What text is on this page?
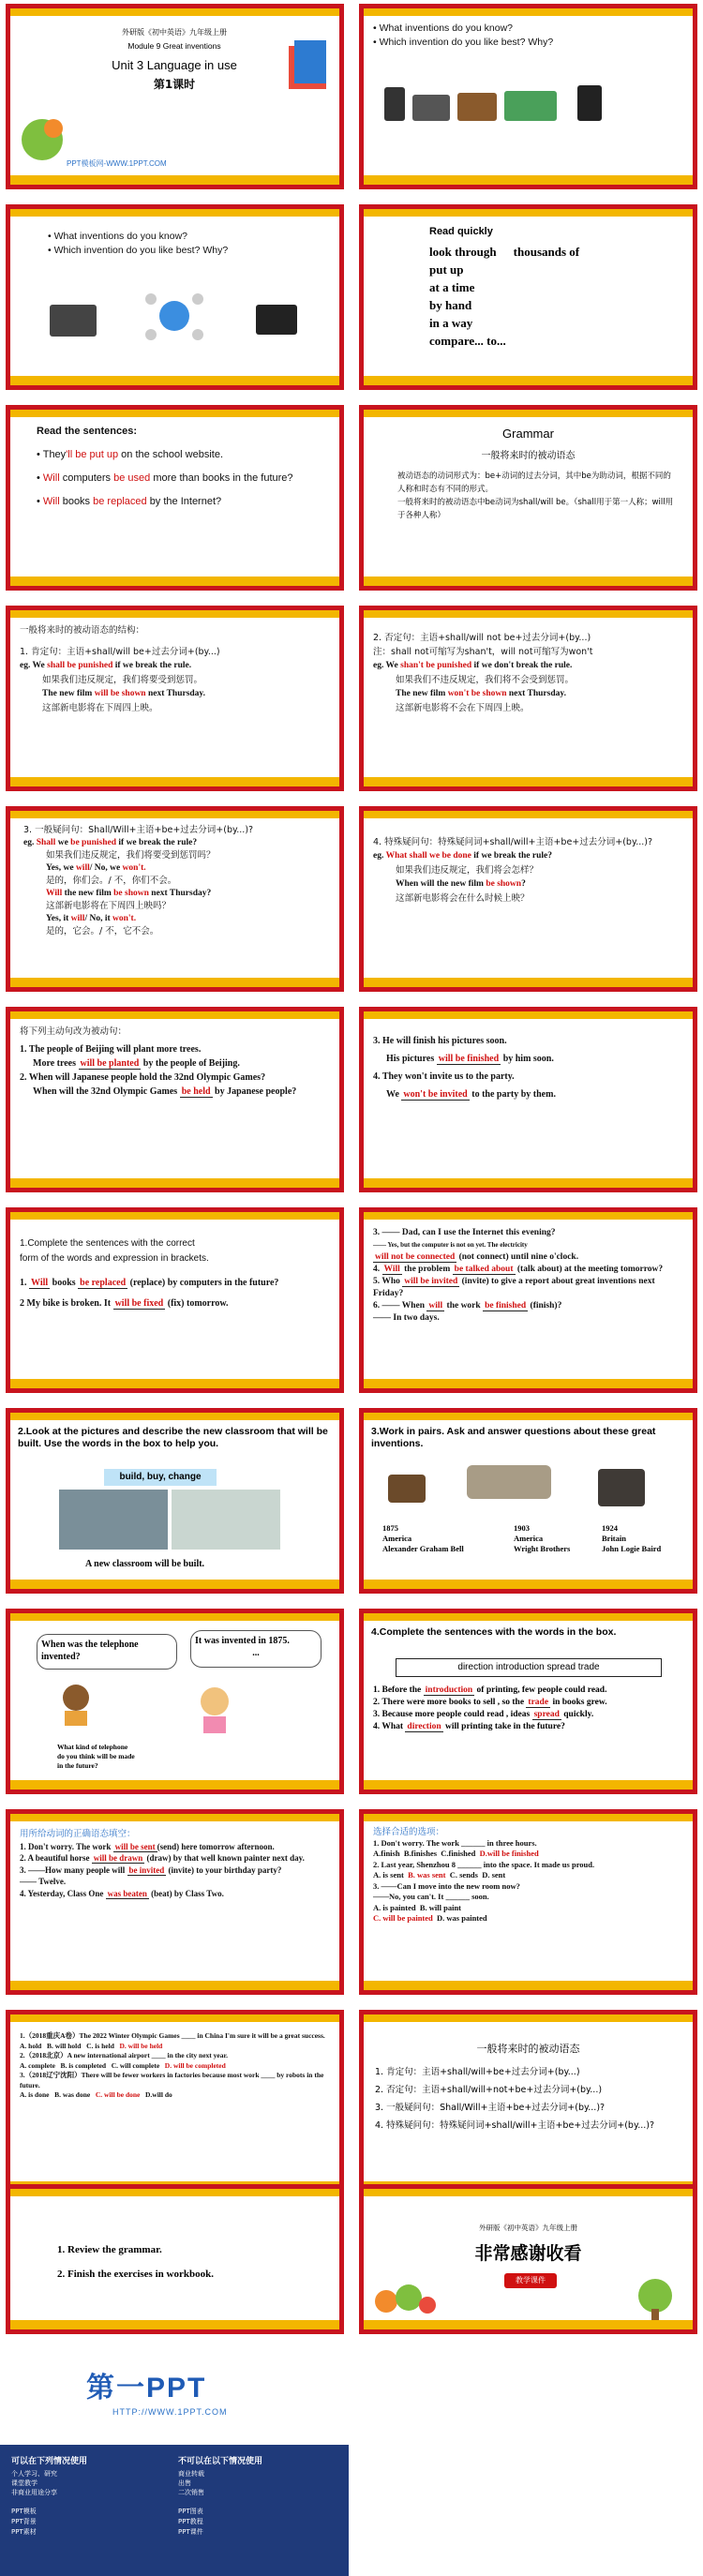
外研版《初中英语》九年级上册
Module 9 Great inventions
Unit 3 Language in use
第1课时
PPT模板网-WWW.1PPT.COM
• What inventions do you know?
• Which invention do you like best? Why?

• What inventions do you know?
• Which invention do you like best? Why?
Read quickly
look through thousands of
put up
at a time
by hand
in a way
compare... to...
Read the sentences:
• They'll be put up on the school website.
• Will computers be used more than books in the future?
• Will books be replaced by the Internet?
Grammar
一般将来时的被动语态
被动语态的动词形式为：be+动词的过去分词，其中be为助动词，根据不同的人称和时态有不同的形式。
一般将来时的被动语态中be动词为shall/will be。（shall用于第一人称；will用于各种人称）
一般将来时的被动语态的结构：
1. 肯定句：主语+shall/will be+过去分词+(by...)
eg. We shall be punished if we break the rule.
如果我们违反规定，我们将要受到惩罚。
The new film will be shown next Thursday.
这部新电影将在下周四上映。
2. 否定句：主语+shall/will not be+过去分词+(by...)
注：shall not可缩写为shan't，will not可缩写为won't
eg. We shan't be punished if we don't break the rule.
如果我们不违反规定，我们将不会受到惩罚。
The new film won't be shown next Thursday.
这部新电影将不会在下周四上映。
3. 一般疑问句：Shall/Will+主语+be+过去分词+(by...)?
eg. Shall we be punished if we break the rule?
如果我们违反规定，我们将要受到惩罚吗？
Yes, we will/ No, we won't.
是的，你们会。/ 不，你们不会。
Will the new film be shown next Thursday?
这部新电影将在下周四上映吗？
Yes, it will/ No, it won't.
是的，它会。/ 不，它不会。
4. 特殊疑问句：特殊疑问词+shall/will+主语+be+过去分词+(by...)?
eg. What shall we be done if we break the rule?
如果我们违反规定，我们将会怎样？
When will the new film be shown?
这部新电影将会在什么时候上映？
将下列主动句改为被动句：
1. The people of Beijing will plant more trees.
More trees will be planted by the people of Beijing.
2. When will Japanese people hold the 32nd Olympic Games?
When will the 32nd Olympic Games be held by Japanese people?
3. He will finish his pictures soon.
His pictures will be finished by him soon.
4. They won't invite us to the party.
We won't be invited to the party by them.
1.Complete the sentences with the correct
form of the words and expression in brackets.
1. Will books be replaced (replace) by computers in the future?
2 My bike is broken. It will be fixed (fix) tomorrow.
3. —— Dad, can I use the Internet this evening?
—— Yes, but the computer is not on yet. The electricity
will not be connected (not connect) until nine o'clock.
4. Will the problem be talked about (talk about) at the meeting tomorrow?
5. Who will be invited (invite) to give a report about great inventions next Friday?
6. —— When will the work be finished (finish)?
—— In two days.
2.Look at the pictures and describe the new classroom that will be built. Use the words in the box to help you.
build, buy, change
A new classroom will be built.
3.Work in pairs. Ask and answer questions about these great inventions.
1875
America
Alexander Graham Bell
1903
America
Wright Brothers
1924
Britain
John Logie Baird
When was the telephone invented?
It was invented in 1875.
...
What kind of telephone
do you think will be made
in the future?
4.Complete the sentences with the words in the box.
direction introduction spread trade
1. Before the introduction of printing, few people could read.
2. There were more books to sell , so the trade in books grew.
3. Because more people could read , ideas spread quickly.
4. What direction will printing take in the future?
用所给动词的正确语态填空：
1. Don't worry. The work will be sent (send) here tomorrow afternoon.
2. A beautiful horse will be drawn (draw) by that well known painter next day.
3. ——How many people will be invited (invite) to your birthday party?
—— Twelve.
4. Yesterday, Class One was beaten (beat) by Class Two.
选择合适的选项：
1. Don't worry. The work ______ in three hours.
A.finish B.finishes C.finished D.will be finished
2. Last year, Shenzhou 8 ______ into the space. It made us proud.
A. is sent B. was sent C. sends D. sent
3. ——Can I move into the new room now?
——No, you can't. It ______ soon.
A. is painted B. will paint
C. will be painted D. was painted
1.（2018重庆A卷）The 2022 Winter Olympic Games ____ in China I'm sure it will be a great success.
A. hold B. will hold C. is held D. will be held
2.（2018北京）A new international airport ____ in the city next year.
A. complete B. is completed C. will complete D. will be completed
3.（2018辽宁沈阳）There will be fewer workers in factories because most work ____ by robots in the future.
A. is done B. was done C. will be done D.will do
一般将来时的被动语态
1. 肯定句：主语+shall/will+be+过去分词+(by...)
2. 否定句：主语+shall/will+not+be+过去分词+(by...)
3. 一般疑问句：Shall/Will+主语+be+过去分词+(by...)?
4. 特殊疑问句：特殊疑问词+shall/will+主语+be+过去分词+(by...)?
1. Review the grammar.
2. Finish the exercises in workbook.
外研版《初中英语》九年级上册
非常感谢收看
教学课件
第一PPT
HTTP://WWW.1PPT.COM
可以在下列情况使用	不可以在以下情况使用
个人学习、研究
课堂教学
非商业用途分享
商业转载
出售
二次销售
PPT模板
PPT背景
PPT素材
PPT图表
PPT教程
PPT课件
